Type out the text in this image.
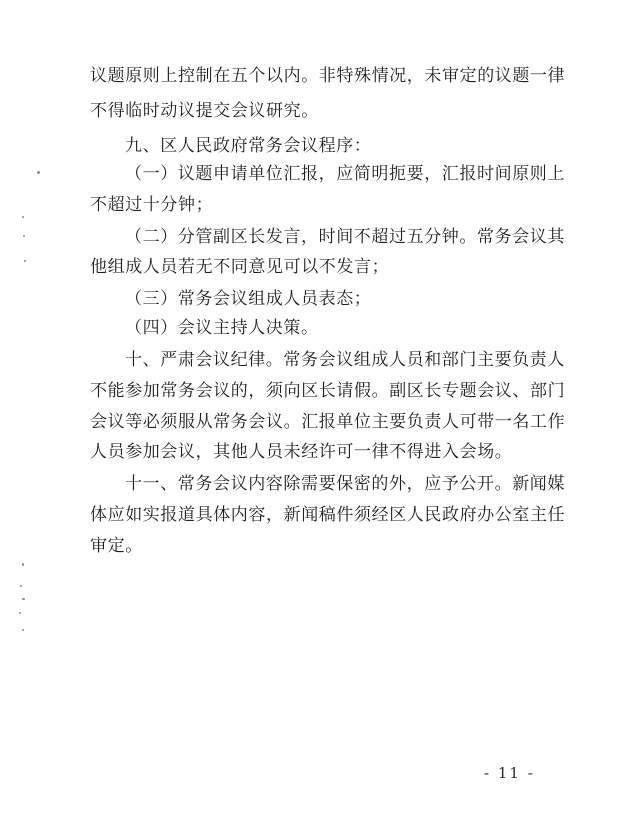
议题原则上控制在五个以内。非特殊情况，未审定的议题一律
不得临时动议提交会议研究。
九、区人民政府常务会议程序：
（一）议题申请单位汇报，应简明扼要，汇报时间原则上
不超过十分钟；
（二）分管副区长发言，时间不超过五分钟。常务会议其
他组成人员若无不同意见可以不发言；
（三）常务会议组成人员表态；
（四）会议主持人决策。
十、严肃会议纪律。常务会议组成人员和部门主要负责人
不能参加常务会议的，须向区长请假。副区长专题会议、部门
会议等必须服从常务会议。汇报单位主要负责人可带一名工作
人员参加会议，其他人员未经许可一律不得进入会场。
十一、常务会议内容除需要保密的外，应予公开。新闻媒
体应如实报道具体内容，新闻稿件须经区人民政府办公室主任
审定。
- 11 -
